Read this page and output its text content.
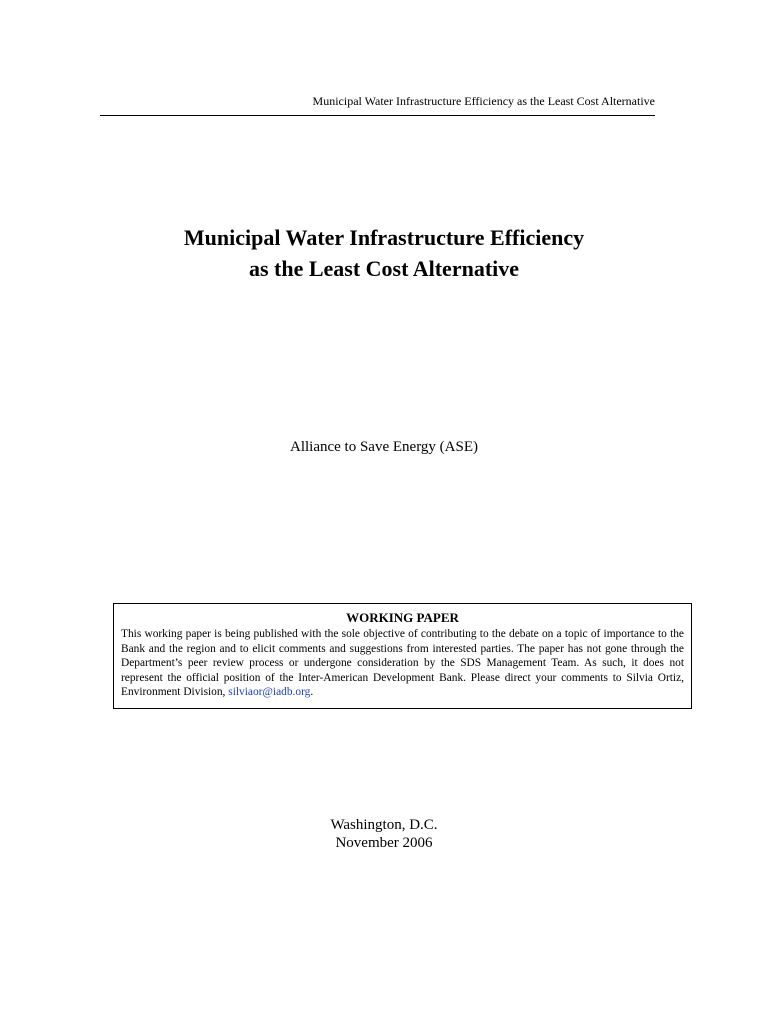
Municipal Water Infrastructure Efficiency as the Least Cost Alternative
Municipal Water Infrastructure Efficiency
as the Least Cost Alternative
Alliance to Save Energy (ASE)
WORKING PAPER
This working paper is being published with the sole objective of contributing to the debate on a topic of importance to the Bank and the region and to elicit comments and suggestions from interested parties. The paper has not gone through the Department’s peer review process or undergone consideration by the SDS Management Team. As such, it does not represent the official position of the Inter-American Development Bank. Please direct your comments to Silvia Ortiz, Environment Division, silviaor@iadb.org.
Washington, D.C.
November 2006
